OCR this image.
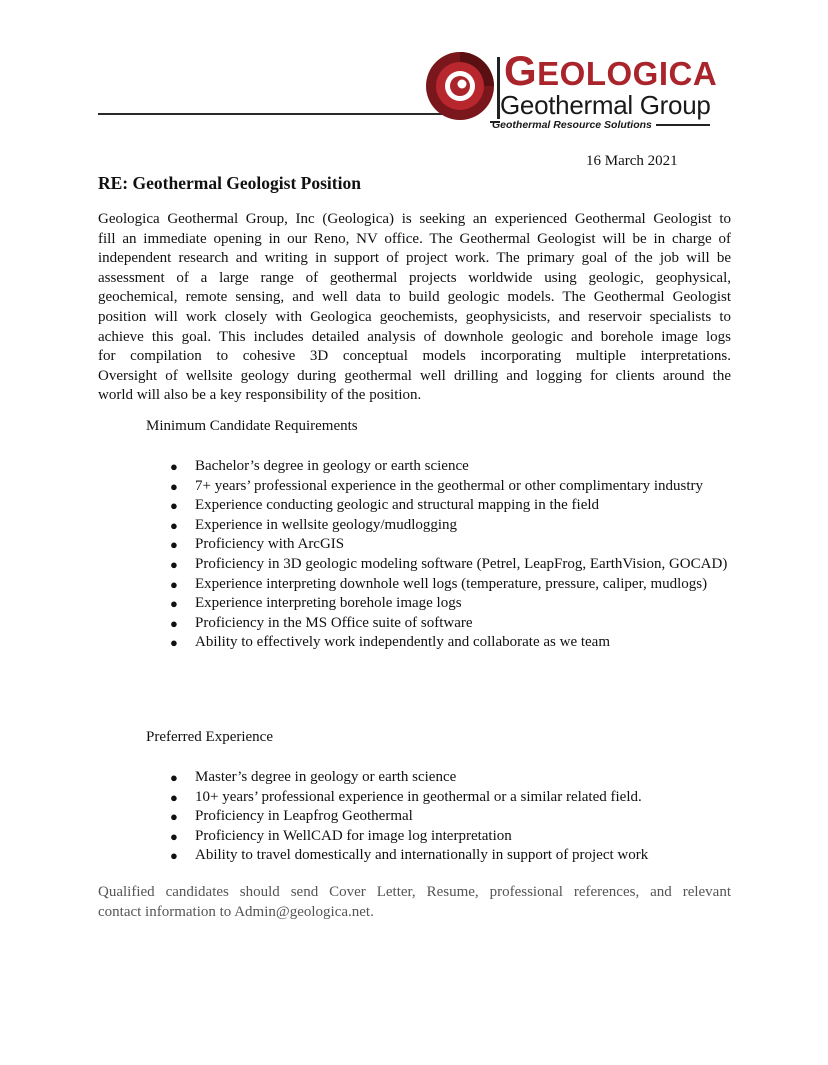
GEOLOGICA
Geothermal Group
Geothermal Resource Solutions
16 March 2021
RE: Geothermal Geologist Position
Geologica Geothermal Group, Inc (Geologica) is seeking an experienced Geothermal Geologist to
fill an immediate opening in our Reno, NV office. The Geothermal Geologist will be in charge of
independent research and writing in support of project work. The primary goal of the job will be
assessment of a large range of geothermal projects worldwide using geologic, geophysical,
geochemical, remote sensing, and well data to build geologic models. The Geothermal Geologist
position will work closely with Geologica geochemists, geophysicists, and reservoir specialists to
achieve this goal. This includes detailed analysis of downhole geologic and borehole image logs
for compilation to cohesive 3D conceptual models incorporating multiple interpretations.
Oversight of wellsite geology during geothermal well drilling and logging for clients around the
world will also be a key responsibility of the position.
Minimum Candidate Requirements
● Bachelor’s degree in geology or earth science
● 7+ years’ professional experience in the geothermal or other complimentary industry
● Experience conducting geologic and structural mapping in the field
● Experience in wellsite geology/mudlogging
● Proficiency with ArcGIS
● Proficiency in 3D geologic modeling software (Petrel, LeapFrog, EarthVision, GOCAD)
● Experience interpreting downhole well logs (temperature, pressure, caliper, mudlogs)
● Experience interpreting borehole image logs
● Proficiency in the MS Office suite of software
● Ability to effectively work independently and collaborate as we team
Preferred Experience
● Master’s degree in geology or earth science
● 10+ years’ professional experience in geothermal or a similar related field.
● Proficiency in Leapfrog Geothermal
● Proficiency in WellCAD for image log interpretation
● Ability to travel domestically and internationally in support of project work
Qualified candidates should send Cover Letter, Resume, professional references, and relevant
contact information to Admin@geologica.net.
